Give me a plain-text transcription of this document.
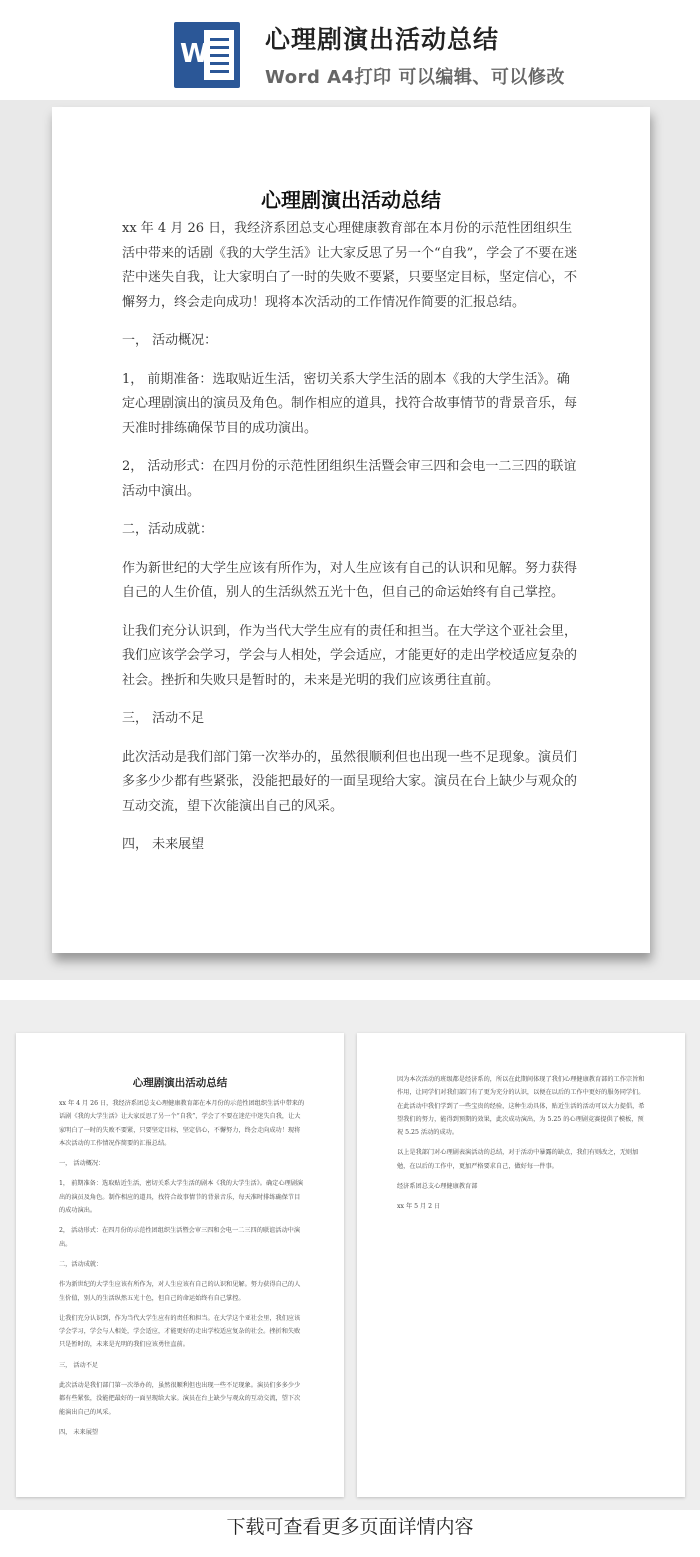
W 心理剧演出活动总结
Word A4打印 可以编辑、可以修改
心理剧演出活动总结

xx 年 4 月 26 日，我经济系团总支心理健康教育部在本月份的示范性团组织生活中带来的话剧《我的大学生活》让大家反思了另一个“自我”，学会了不要在迷茫中迷失自我，让大家明白了一时的失败不要紧，只要坚定目标，坚定信心，不懈努力，终会走向成功！现将本次活动的工作情况作简要的汇报总结。

一， 活动概况：

1， 前期准备：选取贴近生活，密切关系大学生活的剧本《我的大学生活》。确定心理剧演出的演员及角色。制作相应的道具，找符合故事情节的背景音乐，每天准时排练确保节目的成功演出。

2， 活动形式：在四月份的示范性团组织生活暨会审三四和会电一二三四的联谊活动中演出。

二，活动成就：

作为新世纪的大学生应该有所作为，对人生应该有自己的认识和见解。努力获得自己的人生价值，别人的生活纵然五光十色，但自己的命运始终有自己掌控。

让我们充分认识到，作为当代大学生应有的责任和担当。在大学这个亚社会里，我们应该学会学习，学会与人相处，学会适应，才能更好的走出学校适应复杂的社会。挫折和失败只是暂时的，未来是光明的我们应该勇往直前。

三， 活动不足

此次活动是我们部门第一次举办的，虽然很顺利但也出现一些不足现象。演员们多多少少都有些紧张，没能把最好的一面呈现给大家。演员在台上缺少与观众的互动交流，望下次能演出自己的风采。

四， 未来展望

心理剧演出活动总结

xx 年 4 月 26 日，我经济系团总支心理健康教育部在本月份的示范性团组织生活中带来的话剧《我的大学生活》让大家反思了另一个“自我”，学会了不要在迷茫中迷失自我，让大家明白了一时的失败不要紧，只要坚定目标，坚定信心，不懈努力，终会走向成功！现将本次活动的工作情况作简要的汇报总结。

一， 活动概况：

1， 前期准备：选取贴近生活，密切关系大学生活的剧本《我的大学生活》。确定心理剧演出的演员及角色。制作相应的道具，找符合故事情节的背景音乐，每天准时排练确保节目的成功演出。

2， 活动形式：在四月份的示范性团组织生活暨会审三四和会电一二三四的联谊活动中演出。

二，活动成就：

作为新世纪的大学生应该有所作为，对人生应该有自己的认识和见解。努力获得自己的人生价值，别人的生活纵然五光十色，但自己的命运始终有自己掌控。

让我们充分认识到，作为当代大学生应有的责任和担当。在大学这个亚社会里，我们应该学会学习，学会与人相处，学会适应，才能更好的走出学校适应复杂的社会。挫折和失败只是暂时的，未来是光明的我们应该勇往直前。

三， 活动不足

此次活动是我们部门第一次举办的，虽然很顺利但也出现一些不足现象。演员们多多少少都有些紧张，没能把最好的一面呈现给大家。演员在台上缺少与观众的互动交流，望下次能演出自己的风采。

四， 未来展望

因为本次活动的班级都是经济系的，所以在此期间体现了我们心理健康教育部的工作宗旨和作用，让同学们对我们部门有了更为充分的认识，以便在以后的工作中更好的服务同学们。在此活动中我们学到了一些宝贵的经验，这种生动具体，贴近生活的活动可以大力提倡，希望我们的努力，能得到预期的效果，此次成功演出，为 5.25 的心理剧竞赛提供了模板，预祝 5.25 活动的成功。

以上是我部门对心理剧表演活动的总结，对于活动中暴露的缺点，我们有则改之，无则加勉，在以后的工作中，更加严格要求自己，做好每一件事。

经济系团总支心理健康教育部

xx 年 5 月 2 日

下载可查看更多页面详情内容
